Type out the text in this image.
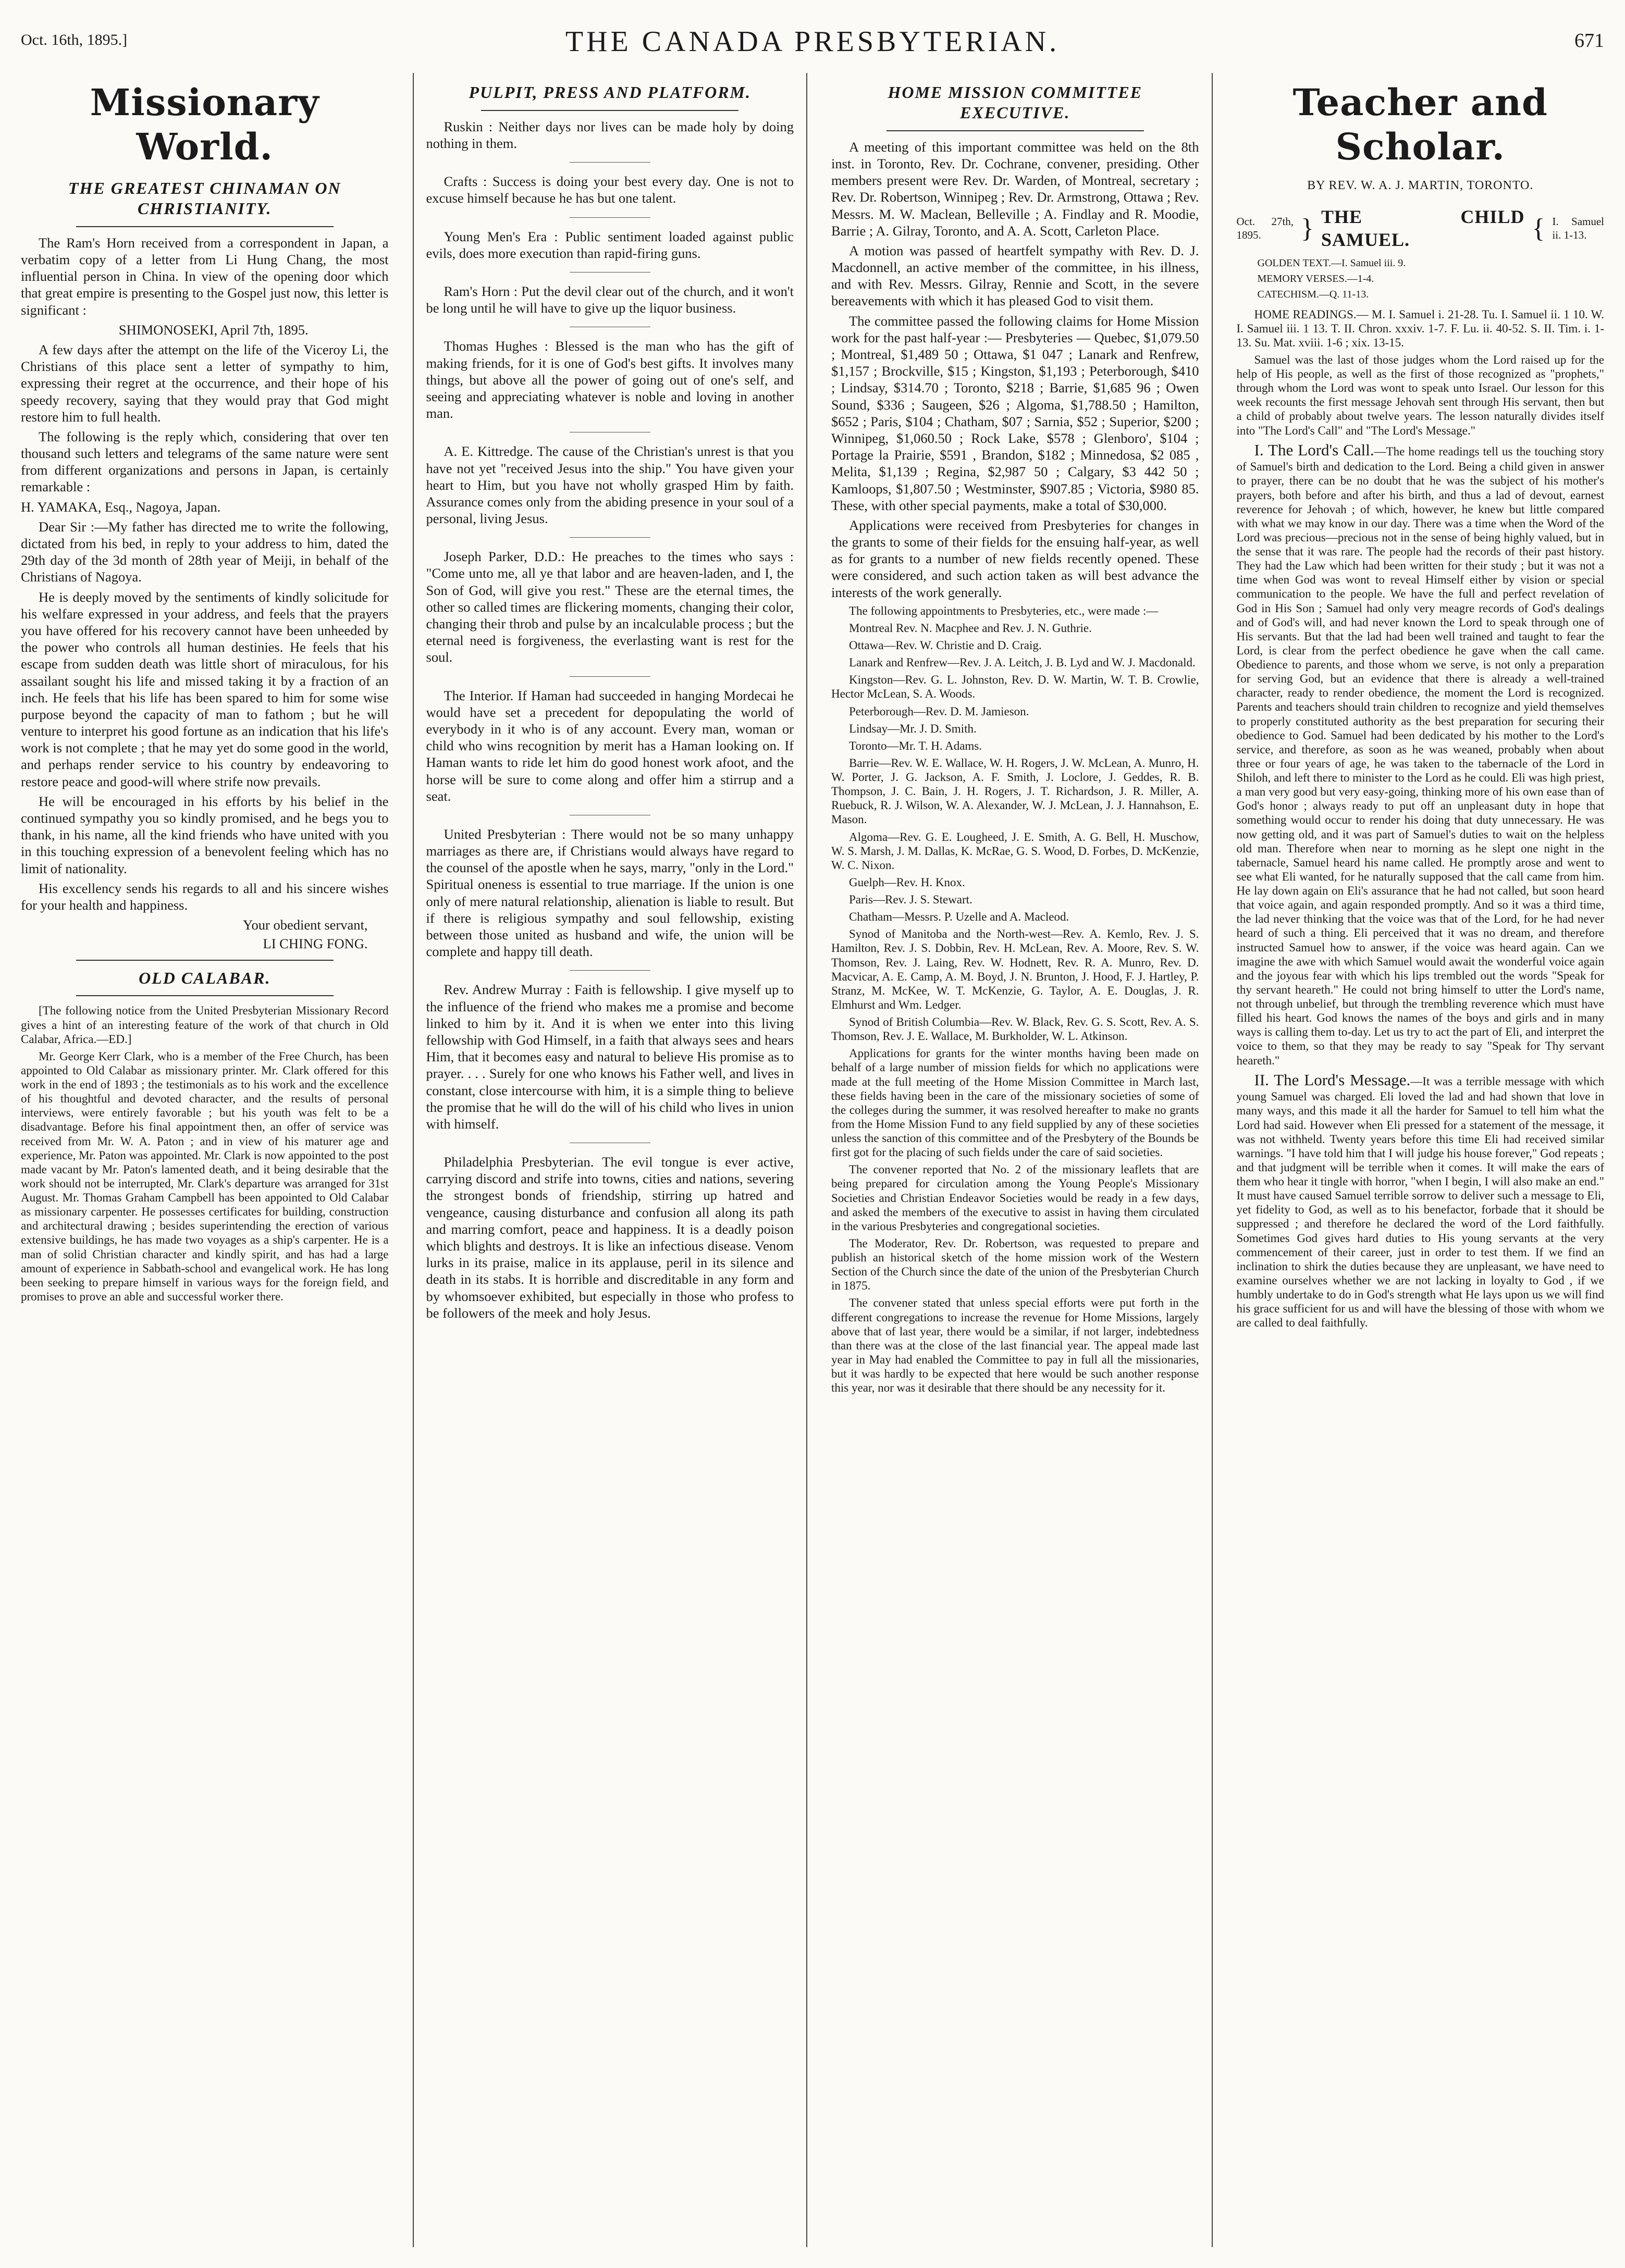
Oct. 16th, 1895.]	THE CANADA PRESBYTERIAN.	671
Missionary World.
THE GREATEST CHINAMAN ON CHRISTIANITY.

The Ram's Horn received from a correspondent in Japan, a verbatim copy of a letter from Li Hung Chang, the most influential person in China. In view of the opening door which that great empire is presenting to the Gospel just now, this letter is significant :

SHIMONOSEKI, April 7th, 1895.

A few days after the attempt on the life of the Viceroy Li, the Christians of this place sent a letter of sympathy to him, expressing their regret at the occurrence, and their hope of his speedy recovery, saying that they would pray that God might restore him to full health.

The following is the reply which, considering that over ten thousand such letters and telegrams of the same nature were sent from different organizations and persons in Japan, is certainly remarkable :

H. YAMAKA, Esq., Nagoya, Japan.

Dear Sir :—My father has directed me to write the following, dictated from his bed, in reply to your address to him, dated the 29th day of the 3d month of 28th year of Meiji, in behalf of the Christians of Nagoya.

He is deeply moved by the sentiments of kindly solicitude for his welfare expressed in your address, and feels that the prayers you have offered for his recovery cannot have been unheeded by the power who controls all human destinies. He feels that his escape from sudden death was little short of miraculous, for his assailant sought his life and missed taking it by a fraction of an inch. He feels that his life has been spared to him for some wise purpose beyond the capacity of man to fathom ; but he will venture to interpret his good fortune as an indication that his life's work is not complete ; that he may yet do some good in the world, and perhaps render service to his country by endeavoring to restore peace and good-will where strife now prevails.

He will be encouraged in his efforts by his belief in the continued sympathy you so kindly promised, and he begs you to thank, in his name, all the kind friends who have united with you in this touching expression of a benevolent feeling which has no limit of nationality.

His excellency sends his regards to all and his sincere wishes for your health and happiness.

Your obedient servant,
LI CHING FONG.
OLD CALABAR.

[The following notice from the United Presbyterian Missionary Record gives a hint of an interesting feature of the work of that church in Old Calabar, Africa.—ED.]

Mr. George Kerr Clark, who is a member of the Free Church, has been appointed to Old Calabar as missionary printer. Mr. Clark offered for this work in the end of 1893 ; the testimonials as to his work and the excellence of his thoughtful and devoted character, and the results of personal interviews, were entirely favorable ; but his youth was felt to be a disadvantage. Before his final appointment then, an offer of service was received from Mr. W. A. Paton ; and in view of his maturer age and experience, Mr. Paton was appointed. Mr. Clark is now appointed to the post made vacant by Mr. Paton's lamented death, and it being desirable that the work should not be interrupted, Mr. Clark's departure was arranged for 31st August. Mr. Thomas Graham Campbell has been appointed to Old Calabar as missionary carpenter. He possesses certificates for building, construction and architectural drawing ; besides superintending the erection of various extensive buildings, he has made two voyages as a ship's carpenter. He is a man of solid Christian character and kindly spirit, and has had a large amount of experience in Sabbath-school and evangelical work. He has long been seeking to prepare himself in various ways for the foreign field, and promises to prove an able and successful worker there.

PULPIT, PRESS AND PLATFORM.

Ruskin : Neither days nor lives can be made holy by doing nothing in them.

Crafts : Success is doing your best every day. One is not to excuse himself because he has but one talent.

Young Men's Era : Public sentiment loaded against public evils, does more execution than rapid-firing guns.

Ram's Horn : Put the devil clear out of the church, and it won't be long until he will have to give up the liquor business.

Thomas Hughes : Blessed is the man who has the gift of making friends, for it is one of God's best gifts. It involves many things, but above all the power of going out of one's self, and seeing and appreciating whatever is noble and loving in another man.

A. E. Kittredge. The cause of the Christian's unrest is that you have not yet "received Jesus into the ship." You have given your heart to Him, but you have not wholly grasped Him by faith. Assurance comes only from the abiding presence in your soul of a personal, living Jesus.

Joseph Parker, D.D.: He preaches to the times who says : "Come unto me, all ye that labor and are heaven-laden, and I, the Son of God, will give you rest." These are the eternal times, the other so called times are flickering moments, changing their color, changing their throb and pulse by an incalculable process ; but the eternal need is forgiveness, the everlasting want is rest for the soul.

The Interior. If Haman had succeeded in hanging Mordecai he would have set a precedent for depopulating the world of everybody in it who is of any account. Every man, woman or child who wins recognition by merit has a Haman looking on. If Haman wants to ride let him do good honest work afoot, and the horse will be sure to come along and offer him a stirrup and a seat.

United Presbyterian : There would not be so many unhappy marriages as there are, if Christians would always have regard to the counsel of the apostle when he says, marry, "only in the Lord." Spiritual oneness is essential to true marriage. If the union is one only of mere natural relationship, alienation is liable to result. But if there is religious sympathy and soul fellowship, existing between those united as husband and wife, the union will be complete and happy till death.

Rev. Andrew Murray : Faith is fellowship. I give myself up to the influence of the friend who makes me a promise and become linked to him by it. And it is when we enter into this living fellowship with God Himself, in a faith that always sees and hears Him, that it becomes easy and natural to believe His promise as to prayer. . . . Surely for one who knows his Father well, and lives in constant, close intercourse with him, it is a simple thing to believe the promise that he will do the will of his child who lives in union with himself.

Philadelphia Presbyterian. The evil tongue is ever active, carrying discord and strife into towns, cities and nations, severing the strongest bonds of friendship, stirring up hatred and vengeance, causing disturbance and confusion all along its path and marring comfort, peace and happiness. It is a deadly poison which blights and destroys. It is like an infectious disease. Venom lurks in its praise, malice in its applause, peril in its silence and death in its stabs. It is horrible and discreditable in any form and by whomsoever exhibited, but especially in those who profess to be followers of the meek and holy Jesus.

HOME MISSION COMMITTEE EXECUTIVE.

A meeting of this important committee was held on the 8th inst. in Toronto, Rev. Dr. Cochrane, convener, presiding. Other members present were Rev. Dr. Warden, of Montreal, secretary ; Rev. Dr. Robertson, Winnipeg ; Rev. Dr. Armstrong, Ottawa ; Rev. Messrs. M. W. Maclean, Belleville ; A. Findlay and R. Moodie, Barrie ; A. Gilray, Toronto, and A. A. Scott, Carleton Place.

A motion was passed of heartfelt sympathy with Rev. D. J. Macdonnell, an active member of the committee, in his illness, and with Rev. Messrs. Gilray, Rennie and Scott, in the severe bereavements with which it has pleased God to visit them.

The committee passed the following claims for Home Mission work for the past half-year :— Presbyteries — Quebec, $1,079.50 ; Montreal, $1,489 50 ; Ottawa, $1 047 ; Lanark and Renfrew, $1,157 ; Brockville, $15 ; Kingston, $1,193 ; Peterborough, $410 ; Lindsay, $314.70 ; Toronto, $218 ; Barrie, $1,685 96 ; Owen Sound, $336 ; Saugeen, $26 ; Algoma, $1,788.50 ; Hamilton, $652 ; Paris, $104 ; Chatham, $07 ; Sarnia, $52 ; Superior, $200 ; Winnipeg, $1,060.50 ; Rock Lake, $578 ; Glenboro', $104 ; Portage la Prairie, $591 , Brandon, $182 ; Minnedosa, $2 085 , Melita, $1,139 ; Regina, $2,987 50 ; Calgary, $3 442 50 ; Kamloops, $1,807.50 ; Westminster, $907.85 ; Victoria, $980 85. These, with other special payments, make a total of $30,000.

Applications were received from Presbyteries for changes in the grants to some of their fields for the ensuing half-year, as well as for grants to a number of new fields recently opened. These were considered, and such action taken as will best advance the interests of the work generally.

The following appointments to Presbyteries, etc., were made :—

Montreal Rev. N. Macphee and Rev. J. N. Guthrie.

Ottawa—Rev. W. Christie and D. Craig.

Lanark and Renfrew—Rev. J. A. Leitch, J. B. Lyd and W. J. Macdonald.

Kingston—Rev. G. L. Johnston, Rev. D. W. Martin, W. T. B. Crowlie, Hector McLean, S. A. Woods.

Peterborough—Rev. D. M. Jamieson.

Lindsay—Mr. J. D. Smith.

Toronto—Mr. T. H. Adams.

Barrie—Rev. W. E. Wallace, W. H. Rogers, J. W. McLean, A. Munro, H. W. Porter, J. G. Jackson, A. F. Smith, J. Loclore, J. Geddes, R. B. Thompson, J. C. Bain, J. H. Rogers, J. T. Richardson, J. R. Miller, A. Ruebuck, R. J. Wilson, W. A. Alexander, W. J. McLean, J. J. Hannahson, E. Mason.

Algoma—Rev. G. E. Lougheed, J. E. Smith, A. G. Bell, H. Muschow, W. S. Marsh, J. M. Dallas, K. McRae, G. S. Wood, D. Forbes, D. McKenzie, W. C. Nixon.

Guelph—Rev. H. Knox.

Paris—Rev. J. S. Stewart.

Chatham—Messrs. P. Uzelle and A. Macleod.

Synod of Manitoba and the North-west—Rev. A. Kemlo, Rev. J. S. Hamilton, Rev. J. S. Dobbin, Rev. H. McLean, Rev. A. Moore, Rev. S. W. Thomson, Rev. J. Laing, Rev. W. Hodnett, Rev. R. A. Munro, Rev. D. Macvicar, A. E. Camp, A. M. Boyd, J. N. Brunton, J. Hood, F. J. Hartley, P. Stranz, M. McKee, W. T. McKenzie, G. Taylor, A. E. Douglas, J. R. Elmhurst and Wm. Ledger.

Synod of British Columbia—Rev. W. Black, Rev. G. S. Scott, Rev. A. S. Thomson, Rev. J. E. Wallace, M. Burkholder, W. L. Atkinson.

Applications for grants for the winter months having been made on behalf of a large number of mission fields for which no applications were made at the full meeting of the Home Mission Committee in March last, these fields having been in the care of the missionary societies of some of the colleges during the summer, it was resolved hereafter to make no grants from the Home Mission Fund to any field supplied by any of these societies unless the sanction of this committee and of the Presbytery of the Bounds be first got for the placing of such fields under the care of said societies.

The convener reported that No. 2 of the missionary leaflets that are being prepared for circulation among the Young People's Missionary Societies and Christian Endeavor Societies would be ready in a few days, and asked the members of the executive to assist in having them circulated in the various Presbyteries and congregational societies.

The Moderator, Rev. Dr. Robertson, was requested to prepare and publish an historical sketch of the home mission work of the Western Section of the Church since the date of the union of the Presbyterian Church in 1875.

The convener stated that unless special efforts were put forth in the different congregations to increase the revenue for Home Missions, largely above that of last year, there would be a similar, if not larger, indebtedness than there was at the close of the last financial year. The appeal made last year in May had enabled the Committee to pay in full all the missionaries, but it was hardly to be expected that here would be such another response this year, nor was it desirable that there should be any necessity for it.

Teacher and Scholar.
BY REV. W. A. J. MARTIN, TORONTO.
Oct. 27th, 1895.	} THE CHILD SAMUEL.	{ I. Samuel ii. 1-13.

GOLDEN TEXT.—I. Samuel iii. 9.

MEMORY VERSES.—1-4.

CATECHISM.—Q. 11-13.

HOME READINGS.— M. I. Samuel i. 21-28. Tu. I. Samuel ii. 1 10. W. I. Samuel iii. 1 13. T. II. Chron. xxxiv. 1-7. F. Lu. ii. 40-52. S. II. Tim. i. 1-13. Su. Mat. xviii. 1-6 ; xix. 13-15.

Samuel was the last of those judges whom the Lord raised up for the help of His people, as well as the first of those recognized as "prophets," through whom the Lord was wont to speak unto Israel. Our lesson for this week recounts the first message Jehovah sent through His servant, then but a child of probably about twelve years. The lesson naturally divides itself into "The Lord's Call" and "The Lord's Message."

I. The Lord's Call.—The home readings tell us the touching story of Samuel's birth and dedication to the Lord. Being a child given in answer to prayer, there can be no doubt that he was the subject of his mother's prayers, both before and after his birth, and thus a lad of devout, earnest reverence for Jehovah ; of which, however, he knew but little compared with what we may know in our day. There was a time when the Word of the Lord was precious—precious not in the sense of being highly valued, but in the sense that it was rare. The people had the records of their past history. They had the Law which had been written for their study ; but it was not a time when God was wont to reveal Himself either by vision or special communication to the people. We have the full and perfect revelation of God in His Son ; Samuel had only very meagre records of God's dealings and of God's will, and had never known the Lord to speak through one of His servants. But that the lad had been well trained and taught to fear the Lord, is clear from the perfect obedience he gave when the call came. Obedience to parents, and those whom we serve, is not only a preparation for serving God, but an evidence that there is already a well-trained character, ready to render obedience, the moment the Lord is recognized. Parents and teachers should train children to recognize and yield themselves to properly constituted authority as the best preparation for securing their obedience to God. Samuel had been dedicated by his mother to the Lord's service, and therefore, as soon as he was weaned, probably when about three or four years of age, he was taken to the tabernacle of the Lord in Shiloh, and left there to minister to the Lord as he could. Eli was high priest, a man very good but very easy-going, thinking more of his own ease than of God's honor ; always ready to put off an unpleasant duty in hope that something would occur to render his doing that duty unnecessary. He was now getting old, and it was part of Samuel's duties to wait on the helpless old man. Therefore when near to morning as he slept one night in the tabernacle, Samuel heard his name called. He promptly arose and went to see what Eli wanted, for he naturally supposed that the call came from him. He lay down again on Eli's assurance that he had not called, but soon heard that voice again, and again responded promptly. And so it was a third time, the lad never thinking that the voice was that of the Lord, for he had never heard of such a thing. Eli perceived that it was no dream, and therefore instructed Samuel how to answer, if the voice was heard again. Can we imagine the awe with which Samuel would await the wonderful voice again and the joyous fear with which his lips trembled out the words "Speak for thy servant heareth." He could not bring himself to utter the Lord's name, not through unbelief, but through the trembling reverence which must have filled his heart. God knows the names of the boys and girls and in many ways is calling them to-day. Let us try to act the part of Eli, and interpret the voice to them, so that they may be ready to say "Speak for Thy servant heareth."

II. The Lord's Message.—It was a terrible message with which young Samuel was charged. Eli loved the lad and had shown that love in many ways, and this made it all the harder for Samuel to tell him what the Lord had said. However when Eli pressed for a statement of the message, it was not withheld. Twenty years before this time Eli had received similar warnings. "I have told him that I will judge his house forever," God repeats ; and that judgment will be terrible when it comes. It will make the ears of them who hear it tingle with horror, "when I begin, I will also make an end." It must have caused Samuel terrible sorrow to deliver such a message to Eli, yet fidelity to God, as well as to his benefactor, forbade that it should be suppressed ; and therefore he declared the word of the Lord faithfully. Sometimes God gives hard duties to His young servants at the very commencement of their career, just in order to test them. If we find an inclination to shirk the duties because they are unpleasant, we have need to examine ourselves whether we are not lacking in loyalty to God , if we humbly undertake to do in God's strength what He lays upon us we will find his grace sufficient for us and will have the blessing of those with whom we are called to deal faithfully.
